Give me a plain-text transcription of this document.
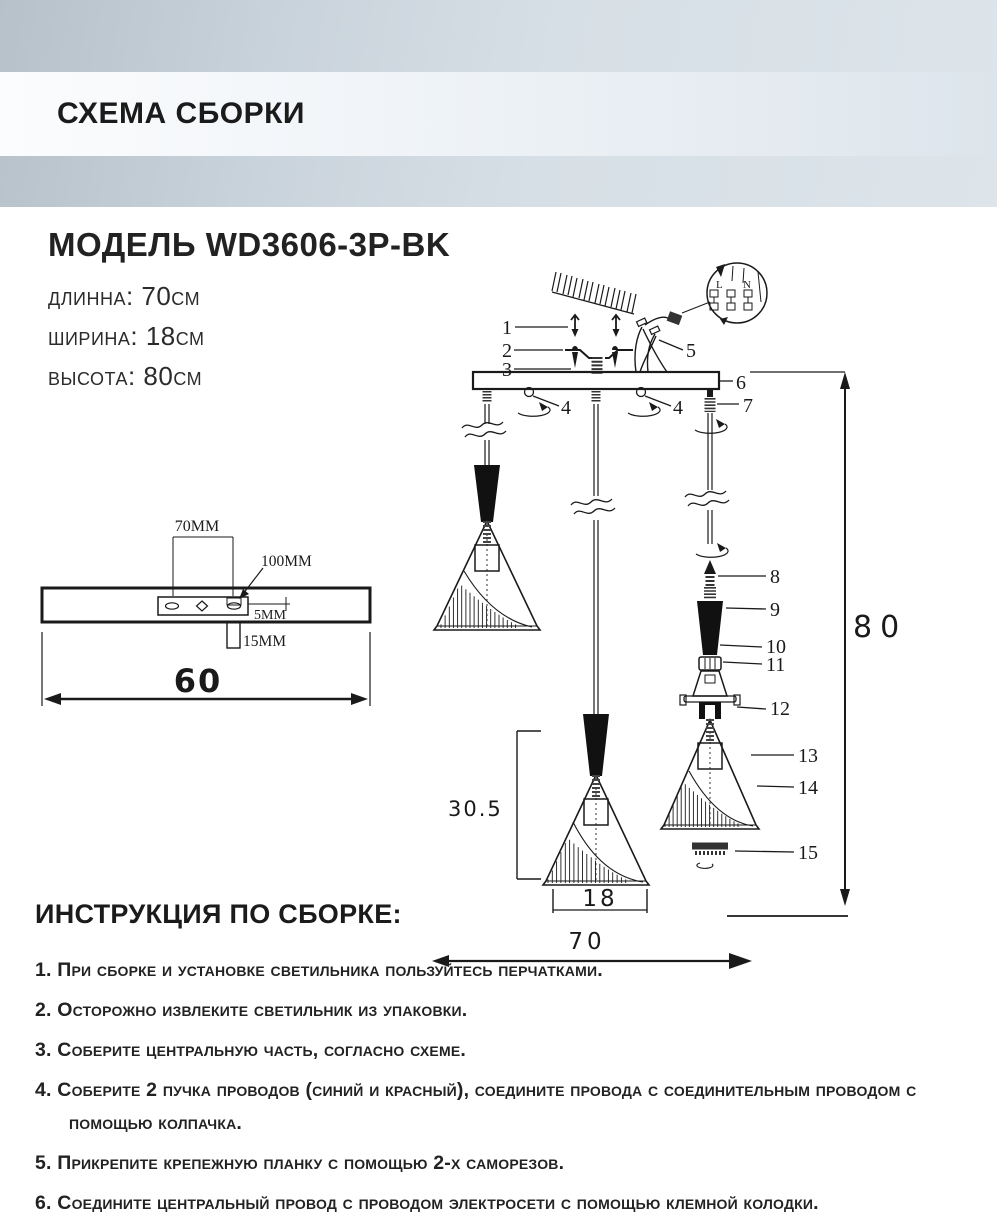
СХЕМА СБОРКИ
МОДЕЛЬ WD3606-3P-BK
длинна: 70см
ширина: 18см
высота: 80см
70MM
100MM
5MM
15MM
60
L N
80
30.5
18
70
1
2
3
4	4
5
6
7
8
9
10
11
12
13
14
15
ИНСТРУКЦИЯ ПО СБОРКЕ:
1. При сборке и установке светильника пользуйтесь перчатками.
2. Осторожно извлеките светильник из упаковки.
3. Соберите центральную часть, согласно схеме.
4. Соберите 2 пучка проводов (синий и красный), соедините провода с соединительным проводом с помощью колпачка.
5. Прикрепите крепежную планку с помощью 2-х саморезов.
6. Соедините центральный провод с проводом электросети с помощью клемной колодки.
